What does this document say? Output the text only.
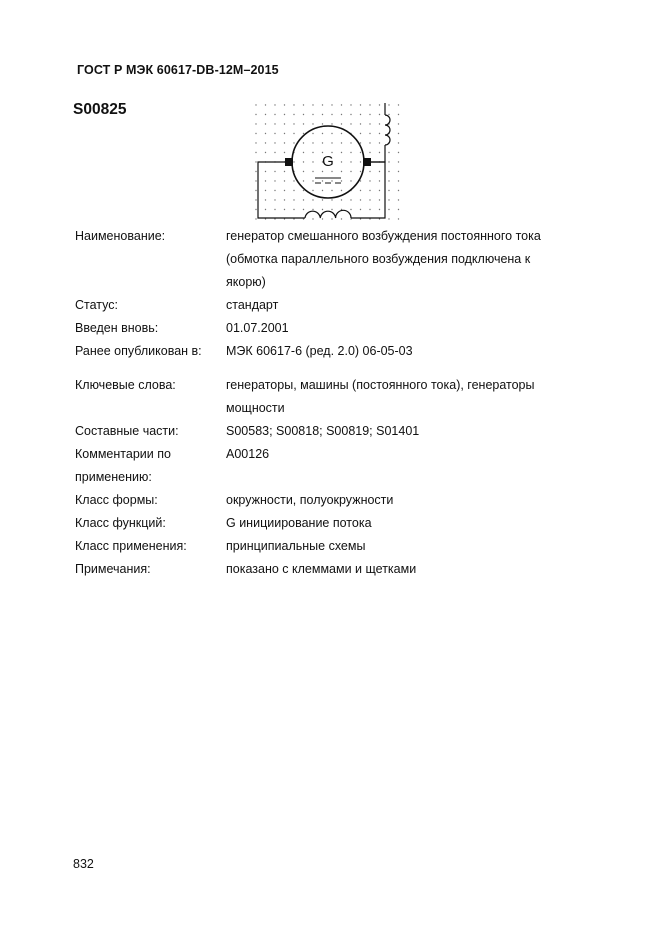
ГОСТ Р МЭК 60617-DB-12M–2015
S00825
G
Наименование:	генератор смешанного возбуждения постоянного тока
(обмотка параллельного возбуждения подключена к
якорю)
Статус:	стандарт
Введен вновь:	01.07.2001
Ранее опубликован в:	МЭК 60617-6 (ред. 2.0) 06-05-03
Ключевые слова:	генераторы, машины (постоянного тока), генераторы
мощности
Составные части:	S00583; S00818; S00819; S01401
Комментарии по
применению:
A00126
Класс формы:	окружности, полуокружности
Класс функций:	G инициирование потока
Класс применения:	принципиальные схемы
Примечания:	показано с клеммами и щетками
832
